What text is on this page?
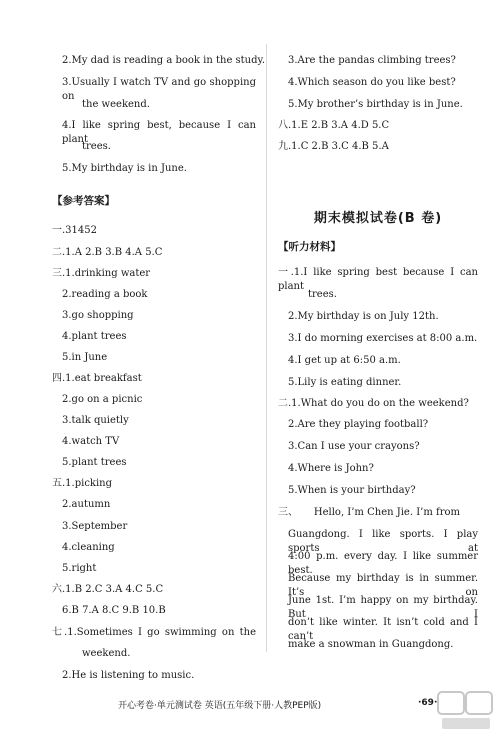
2.My dad is reading a book in the study.
3.Usually I watch TV and go shopping on
the weekend.
4.I like spring best, because I can plant
trees.
5.My birthday is in June.
【参考答案】
一.31452
二.1.A 2.B 3.B 4.A 5.C
三.1.drinking water
2.reading a book
3.go shopping
4.plant trees
5.in June
四.1.eat breakfast
2.go on a picnic
3.talk quietly
4.watch TV
5.plant trees
五.1.picking
2.autumn
3.September
4.cleaning
5.right
六.1.B 2.C 3.A 4.C 5.C
6.B 7.A 8.C 9.B 10.B
七.1.Sometimes I go swimming on the
weekend.
2.He is listening to music.
3.Are the pandas climbing trees?
4.Which season do you like best?
5.My brother’s birthday is in June.
八.1.E 2.B 3.A 4.D 5.C
九.1.C 2.B 3.C 4.B 5.A
期末模拟试卷(B 卷)
【听力材料】
一.1.I like spring best because I can plant
trees.
2.My birthday is on July 12th.
3.I do morning exercises at 8:00 a.m.
4.I get up at 6:50 a.m.
5.Lily is eating dinner.
二.1.What do you do on the weekend?
2.Are they playing football?
3.Can I use your crayons?
4.Where is John?
5.When is your birthday?
三、     Hello, I’m Chen Jie. I’m from
Guangdong. I like sports. I play sports at
4:00 p.m. every day. I like summer best.
Because my birthday is in summer. It’s on
June 1st. I’m happy on my birthday. But I
don’t like winter. It isn’t cold and I can’t
make a snowman in Guangdong.
开心考卷·单元测试卷 英语(五年级下册·人教PEP版)	·69·
